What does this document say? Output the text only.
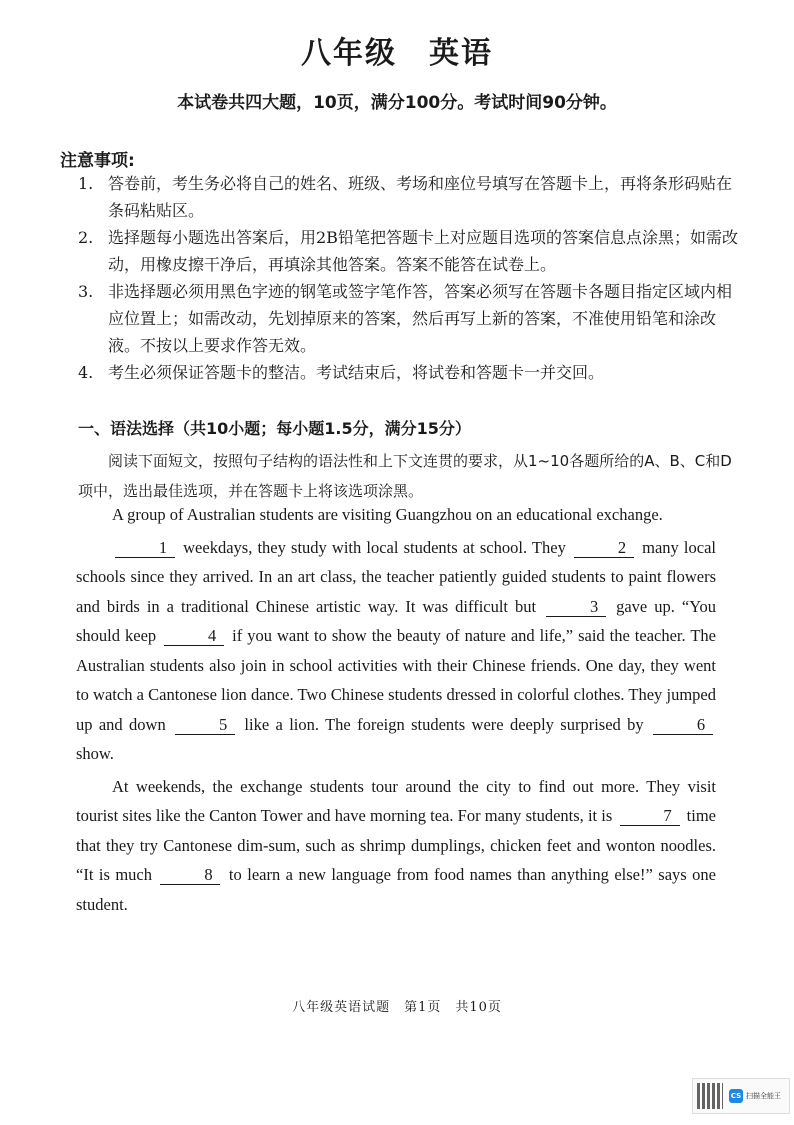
八年级　英语
本试卷共四大题，10页，满分100分。考试时间90分钟。
注意事项:
1. 答卷前，考生务必将自己的姓名、班级、考场和座位号填写在答题卡上，再将条形码贴在条码粘贴区。
2. 选择题每小题选出答案后，用2B铅笔把答题卡上对应题目选项的答案信息点涂黑；如需改动，用橡皮擦干净后，再填涂其他答案。答案不能答在试卷上。
3. 非选择题必须用黑色字迹的钢笔或签字笔作答，答案必须写在答题卡各题目指定区域内相应位置上；如需改动，先划掉原来的答案，然后再写上新的答案，不准使用铅笔和涂改液。不按以上要求作答无效。
4. 考生必须保证答题卡的整洁。考试结束后，将试卷和答题卡一并交回。
一、语法选择（共10小题；每小题1.5分，满分15分）
阅读下面短文，按照句子结构的语法性和上下文连贯的要求，从1~10各题所给的A、B、C和D项中，选出最佳选项，并在答题卡上将该选项涂黑。

A group of Australian students are visiting Guangzhou on an educational exchange.

1 weekdays, they study with local students at school. They	2 many local schools since they arrived. In an art class, the teacher patiently guided students to paint flowers and birds in a traditional Chinese artistic way. It was difficult but	3 gave up. “You should keep	4 if you want to show the beauty of nature and life,” said the teacher. The Australian students also join in school activities with their Chinese friends. One day, they went to watch a Cantonese lion dance. Two Chinese students dressed in colorful clothes. They jumped up and down	5 like a lion. The foreign students were deeply surprised by	6 show.

At weekends, the exchange students tour around the city to find out more. They visit tourist sites like the Canton Tower and have morning tea. For many students, it is	7 time that they try Cantonese dim-sum, such as shrimp dumplings, chicken feet and wonton noodles. “It is much	8 to learn a new language from food names than anything else!” says one student.

八年级英语试题　第1页　共10页
CS 扫描全能王
